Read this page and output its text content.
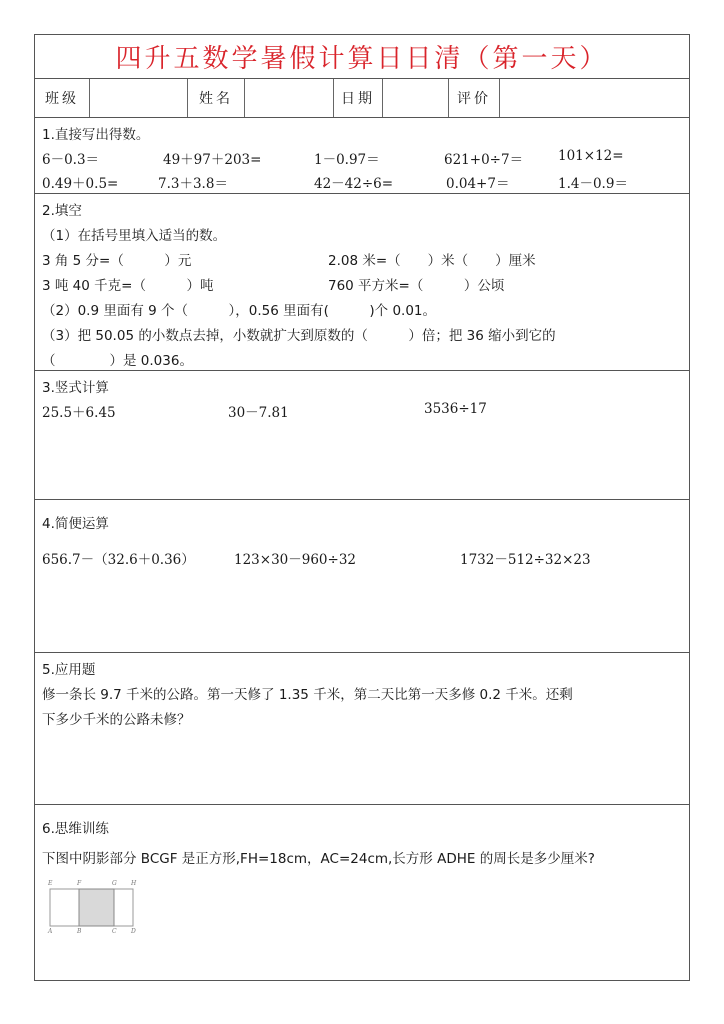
四升五数学暑假计算日日清（第一天）
班级	姓名	日期	评价
1.直接写出得数。
6－0.3＝	49＋97＋203=	1－0.97＝	621+0÷7＝	101×12=
0.49＋0.5=	7.3＋3.8＝	42－42÷6=	0.04+7＝	1.4－0.9＝
2.填空
（1）在括号里填入适当的数。
3 角 5 分=（　　　）元	2.08 米=（　　）米（　　）厘米
3 吨 40 千克=（　　　）吨	760 平方米=（　　　）公顷
（2）0.9 里面有 9 个（　　　），0.56 里面有(　　　)个 0.01。
（3）把 50.05 的小数点去掉，小数就扩大到原数的（　　　）倍；把 36 缩小到它的
（　　　　）是 0.036。
3.竖式计算
25.5＋6.45	30－7.81	3536÷17
4.简便运算
656.7－（32.6＋0.36）	123×30－960÷32	1732－512÷32×23
5.应用题
修一条长 9.7 千米的公路。第一天修了 1.35 千米，第二天比第一天多修 0.2 千米。还剩
下多少千米的公路未修？
6.思维训练
下图中阴影部分 BCGF 是正方形,FH=18cm，AC=24cm,长方形 ADHE 的周长是多少厘米?
E	F	G H
A	B	C D
